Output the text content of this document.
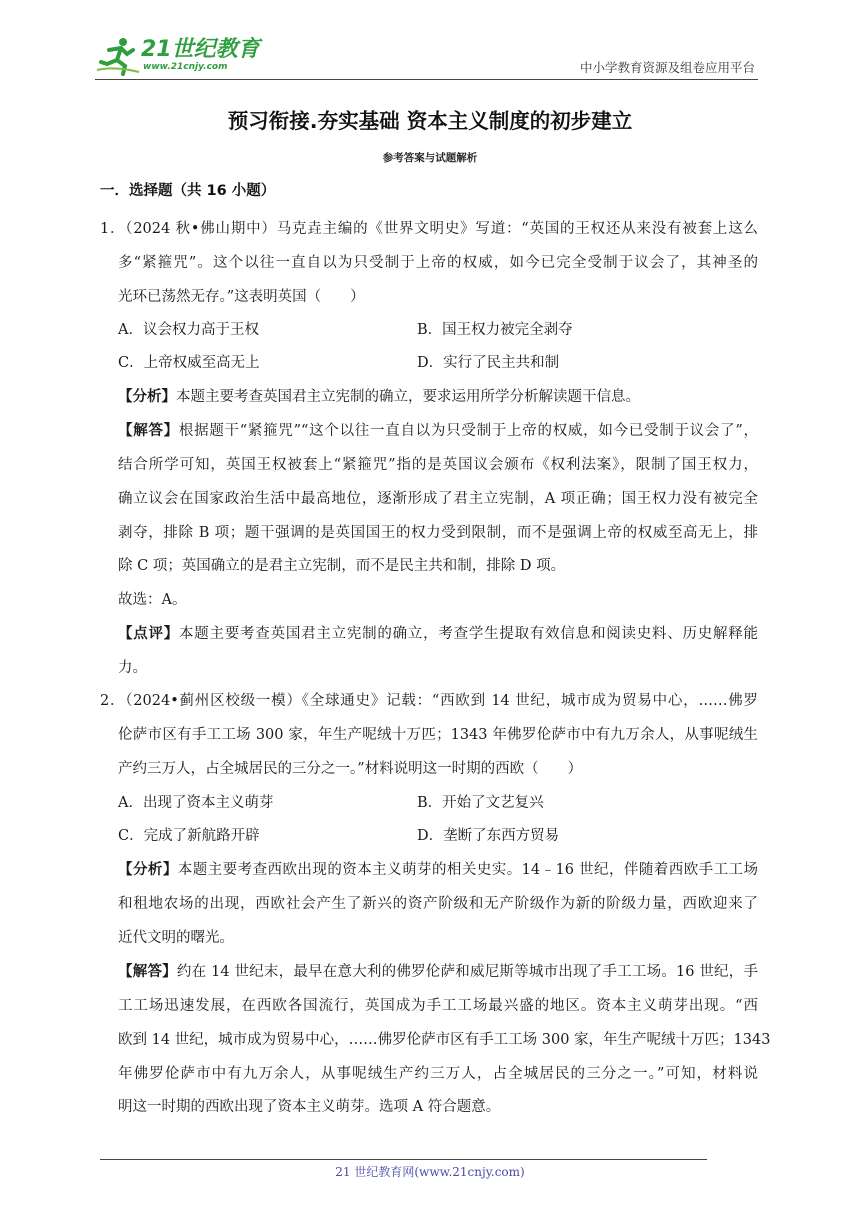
21世纪教育
www.21cnjy.com	中小学教育资源及组卷应用平台
预习衔接.夯实基础 资本主义制度的初步建立
参考答案与试题解析
一．选择题（共 16 小题）
1．（2024 秋•佛山期中）马克垚主编的《世界文明史》写道：“英国的王权还从来没有被套上这么
多“紧箍咒”。这个以往一直自以为只受制于上帝的权威，如今已完全受制于议会了，其神圣的
光环已荡然无存。”这表明英国（　　）
A．议会权力高于王权	B．国王权力被完全剥夺
C．上帝权威至高无上	D．实行了民主共和制
【分析】本题主要考查英国君主立宪制的确立，要求运用所学分析解读题干信息。
【解答】根据题干“紧箍咒”“这个以往一直自以为只受制于上帝的权威，如今已受制于议会了”，
结合所学可知，英国王权被套上“紧箍咒”指的是英国议会颁布《权利法案》，限制了国王权力，
确立议会在国家政治生活中最高地位，逐渐形成了君主立宪制，A 项正确；国王权力没有被完全
剥夺，排除 B 项；题干强调的是英国国王的权力受到限制，而不是强调上帝的权威至高无上，排
除 C 项；英国确立的是君主立宪制，而不是民主共和制，排除 D 项。
故选：A。
【点评】本题主要考查英国君主立宪制的确立，考查学生提取有效信息和阅读史料、历史解释能
力。
2．（2024•蓟州区校级一模）《全球通史》记载：“西欧到 14 世纪，城市成为贸易中心，……佛罗
伦萨市区有手工工场 300 家，年生产呢绒十万匹；1343 年佛罗伦萨市中有九万余人，从事呢绒生
产约三万人，占全城居民的三分之一。”材料说明这一时期的西欧（　　）
A．出现了资本主义萌芽	B．开始了文艺复兴
C．完成了新航路开辟	D．垄断了东西方贸易
【分析】本题主要考查西欧出现的资本主义萌芽的相关史实。14﹣16 世纪，伴随着西欧手工工场
和租地农场的出现，西欧社会产生了新兴的资产阶级和无产阶级作为新的阶级力量，西欧迎来了
近代文明的曙光。
【解答】约在 14 世纪末，最早在意大利的佛罗伦萨和威尼斯等城市出现了手工工场。16 世纪，手
工工场迅速发展，在西欧各国流行，英国成为手工工场最兴盛的地区。资本主义萌芽出现。“西
欧到 14 世纪，城市成为贸易中心，……佛罗伦萨市区有手工工场 300 家，年生产呢绒十万匹；1343
年佛罗伦萨市中有九万余人，从事呢绒生产约三万人，占全城居民的三分之一。”可知，材料说
明这一时期的西欧出现了资本主义萌芽。选项 A 符合题意。
21 世纪教育网(www.21cnjy.com)
